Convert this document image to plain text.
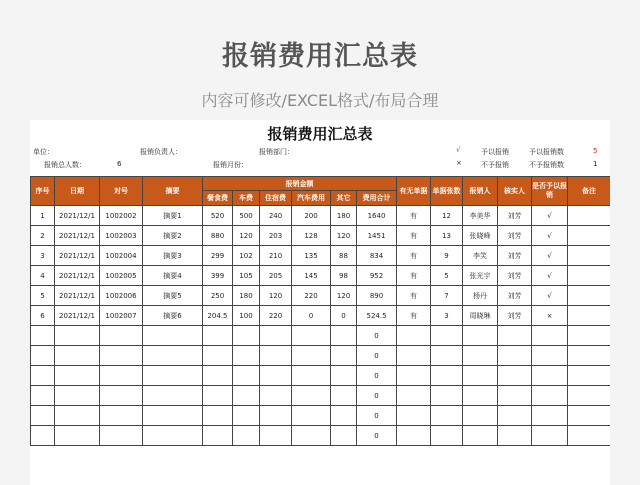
报销费用汇总表
内容可修改/EXCEL格式/布局合理
报销费用汇总表
单位：	报销负责人：	报销部门：	√	予以报销	予以报销数	5
报销总人数：	6	报销月份：	×	不予报销	不予报销数	1
序号	日期	对号	摘要	报销金额						有无单据	单据张数	报销人	核实人	是否予以报销	备注
				餐食费	车费	住宿费	汽车费用	其它	费用合计						
1	2021/12/1	1002002	摘要1	520	500	240	200	180	1640	有	12	李美华	刘芳	√	
2	2021/12/1	1002003	摘要2	880	120	203	128	120	1451	有	13	张晓峰	刘芳	√	
3	2021/12/1	1002004	摘要3	299	102	210	135	88	834	有	9	李笑	刘芳	√	
4	2021/12/1	1002005	摘要4	399	105	205	145	98	952	有	5	张光宇	刘芳	√	
5	2021/12/1	1002006	摘要5	250	180	120	220	120	890	有	7	杨丹	刘芳	√	
6	2021/12/1	1002007	摘要6	204.5	100	220	0	0	524.5	有	3	周晓琳	刘芳	×	
									0						
									0						
									0						
									0						
									0						
									0						
